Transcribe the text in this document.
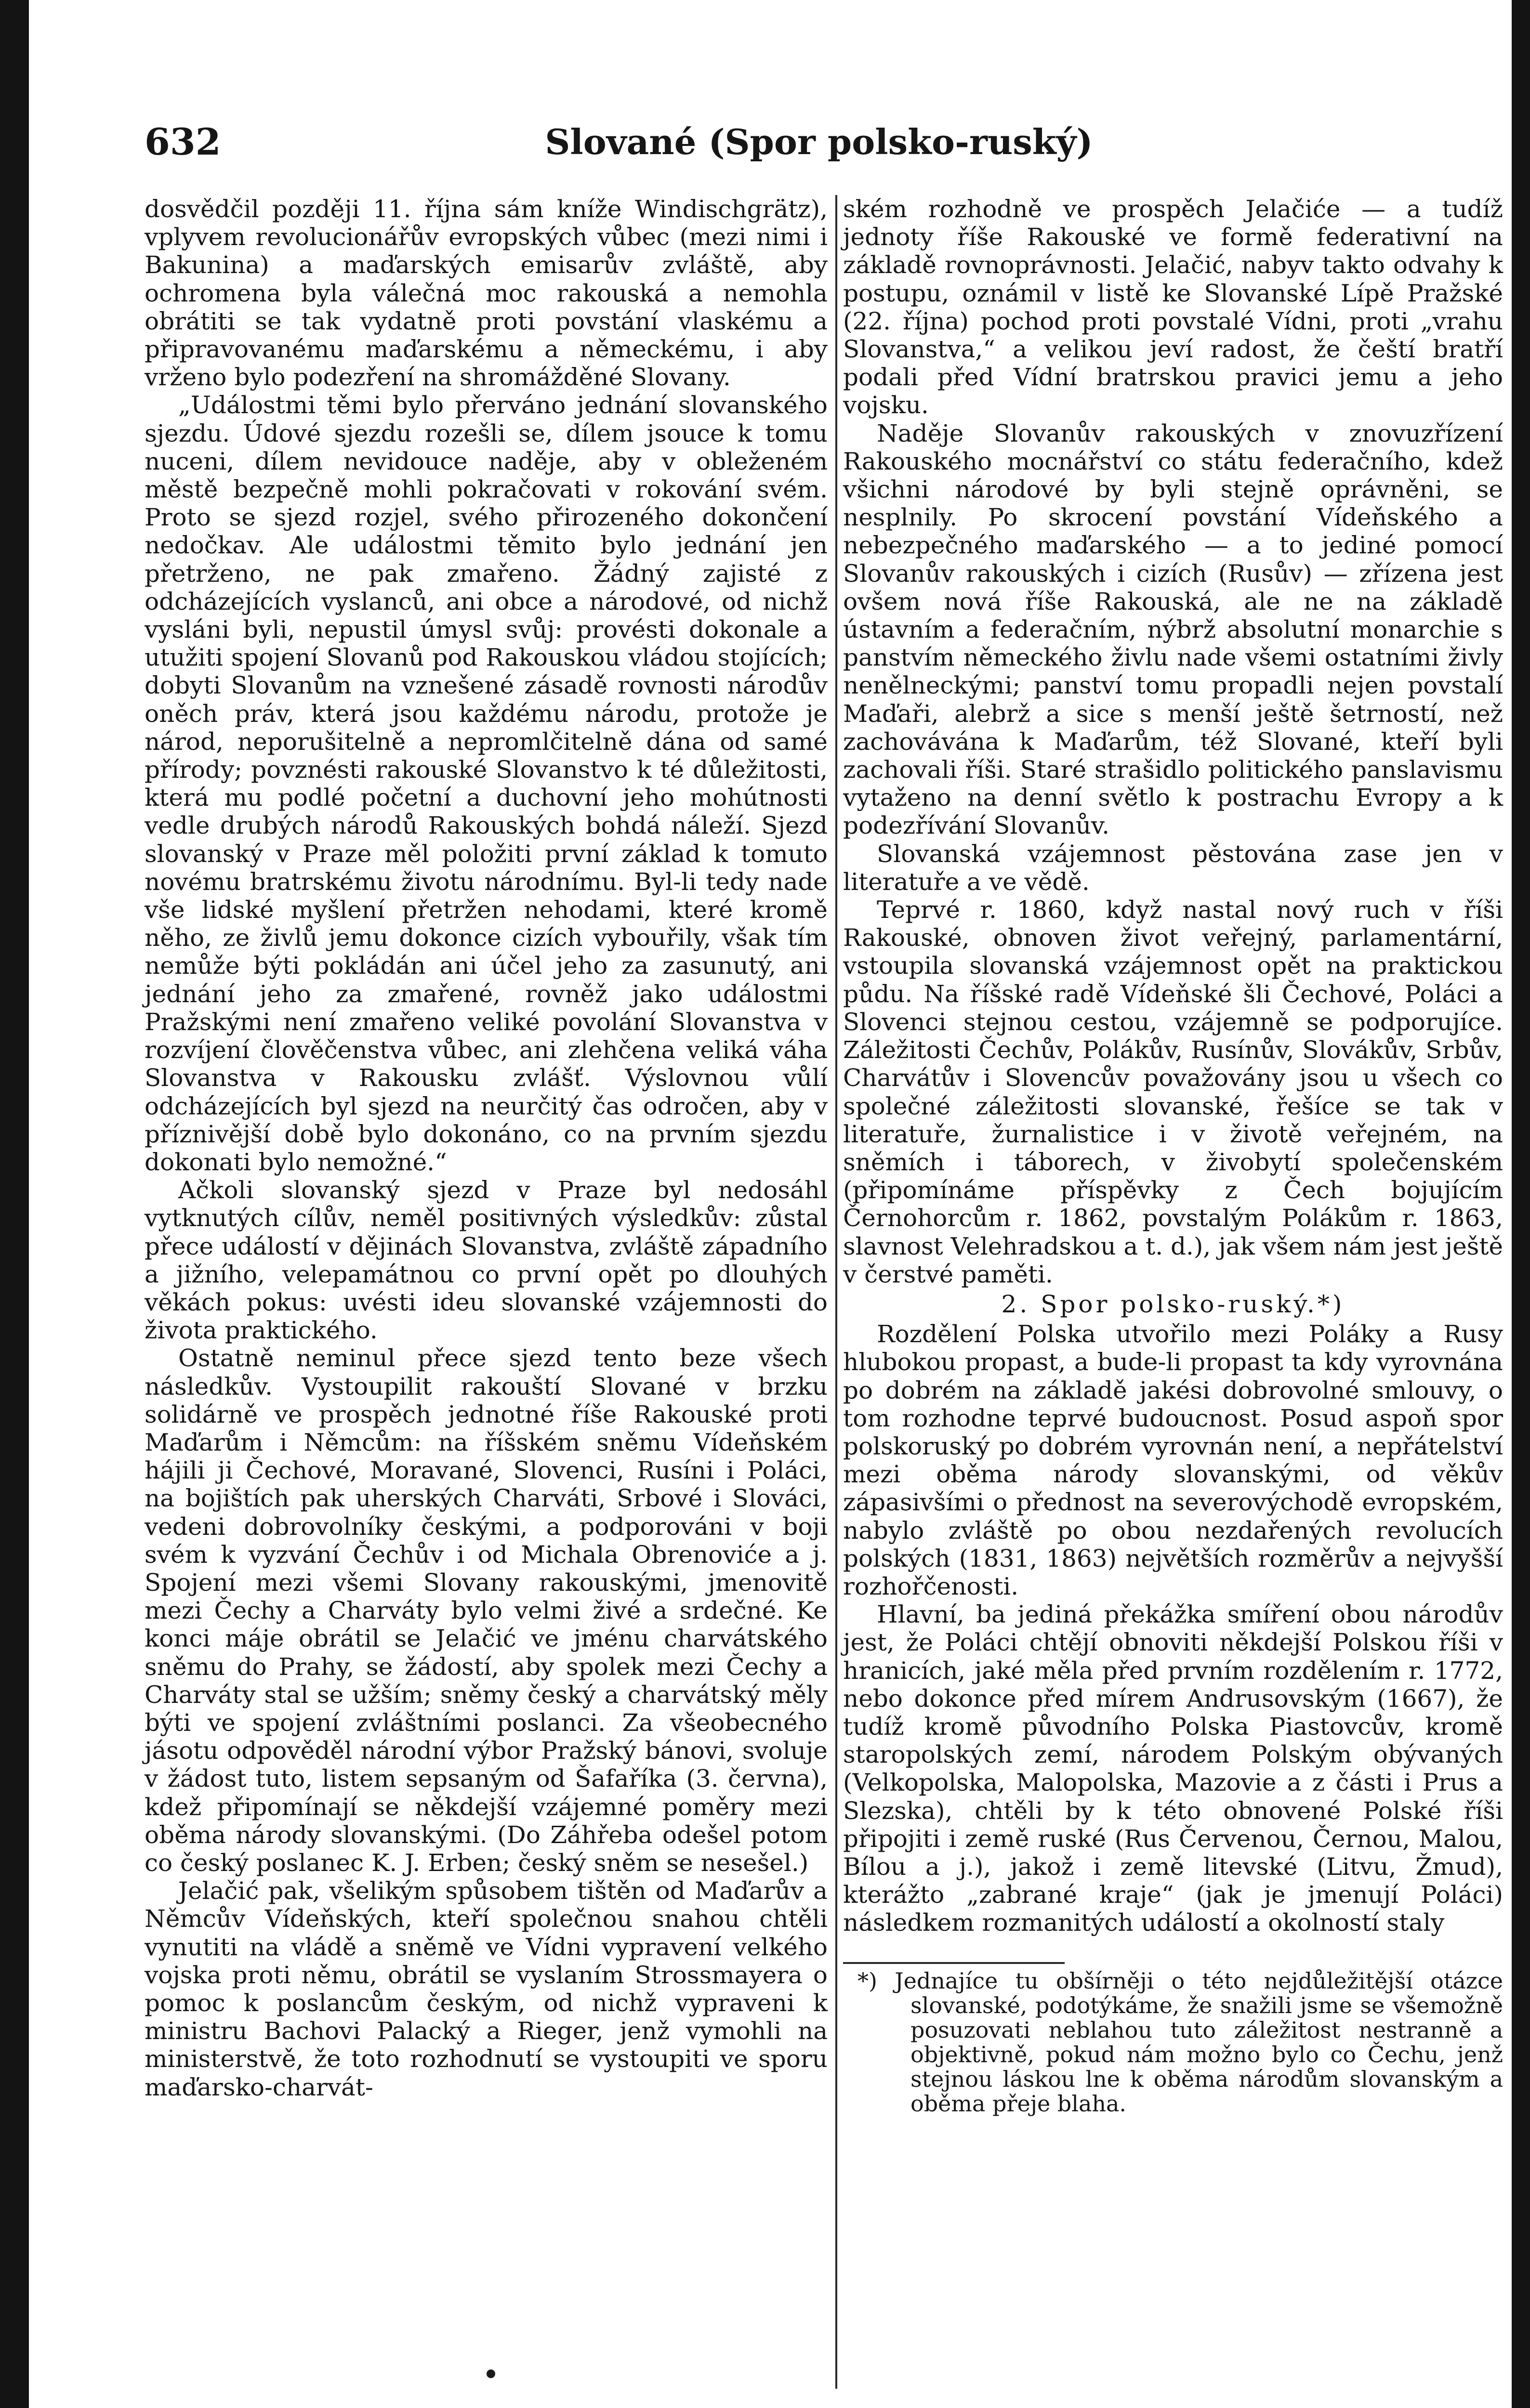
632	Slované (Spor polsko-ruský)

dosvědčil později 11. října sám kníže Windischgrätz), vplyvem revolucionářův evropských vůbec (mezi nimi i Bakunina) a maďarských emisarův zvláště, aby ochromena byla válečná moc rakouská a nemohla obrátiti se tak vydatně proti povstání vlaskému a připravovanému maďarskému a německému, i aby vrženo bylo podezření na shromážděné Slovany.

„Událostmi těmi bylo přerváno jednání slovanského sjezdu. Údové sjezdu rozešli se, dílem jsouce k tomu nuceni, dílem nevidouce naděje, aby v obleženém městě bezpečně mohli pokračovati v rokování svém. Proto se sjezd rozjel, svého přirozeného dokončení nedočkav. Ale událostmi těmito bylo jednání jen přetrženo, ne pak zmařeno. Žádný zajisté z odcházejících vyslanců, ani obce a národové, od nichž vysláni byli, nepustil úmysl svůj: provésti dokonale a utužiti spojení Slovanů pod Rakouskou vládou stojících; dobyti Slovanům na vznešené zásadě rovnosti národův oněch práv, která jsou každému národu, protože je národ, neporušitelně a nepromlčitelně dána od samé přírody; povznésti rakouské Slovanstvo k té důležitosti, která mu podlé početní a duchovní jeho mohútnosti vedle drubých národů Rakouských bohdá náleží. Sjezd slovanský v Praze měl položiti první základ k tomuto novému bratrskému životu národnímu. Byl-li tedy nade vše lidské myšlení přetržen nehodami, které kromě něho, ze živlů jemu dokonce cizích vybouřily, však tím nemůže býti pokládán ani účel jeho za zasunutý, ani jednání jeho za zmařené, rovněž jako událostmi Pražskými není zmařeno veliké povolání Slovanstva v rozvíjení člověčenstva vůbec, ani zlehčena veliká váha Slovanstva v Rakousku zvlášť. Výslovnou vůlí odcházejících byl sjezd na neurčitý čas odročen, aby v příznivější době bylo dokonáno, co na prvním sjezdu dokonati bylo nemožné.“

Ačkoli slovanský sjezd v Praze byl nedosáhl vytknutých cílův, neměl positivných výsledkův: zůstal přece událostí v dějinách Slovanstva, zvláště západního a jižního, velepamátnou co první opět po dlouhých věkách pokus: uvésti ideu slovanské vzájemnosti do života praktického.

Ostatně neminul přece sjezd tento beze všech následkův. Vystoupilit rakouští Slované v brzku solidárně ve prospěch jednotné říše Rakouské proti Maďarům i Němcům: na říšském sněmu Vídeňském hájili ji Čechové, Moravané, Slovenci, Rusíni i Poláci, na bojištích pak uherských Charváti, Srbové i Slováci, vedeni dobrovolníky českými, a podporováni v boji svém k vyzvání Čechův i od Michala Obrenoviće a j. Spojení mezi všemi Slovany rakouskými, jmenovitě mezi Čechy a Charváty bylo velmi živé a srdečné. Ke konci máje obrátil se Jelačić ve jménu charvátského sněmu do Prahy, se žádostí, aby spolek mezi Čechy a Charváty stal se užším; sněmy český a charvátský měly býti ve spojení zvláštními poslanci. Za všeobecného jásotu odpověděl národní výbor Pražský bánovi, svoluje v žádost tuto, listem sepsaným od Šafaříka (3. června), kdež připomínají se někdejší vzájemné poměry mezi oběma národy slovanskými. (Do Záhřeba odešel potom co český poslanec K. J. Erben; český sněm se nesešel.)

Jelačić pak, všelikým spůsobem tištěn od Maďarův a Němcův Vídeňských, kteří společnou snahou chtěli vynutiti na vládě a sněmě ve Vídni vypravení velkého vojska proti němu, obrátil se vyslaním Strossmayera o pomoc k poslancům českým, od nichž vypraveni k ministru Bachovi Palacký a Rieger, jenž vymohli na ministerstvě, že toto rozhodnutí se vystoupiti ve sporu maďarsko-charvát-

ském rozhodně ve prospěch Jelačiće — a tudíž jednoty říše Rakouské ve formě federativní na základě rovnoprávnosti. Jelačić, nabyv takto odvahy k postupu, oznámil v listě ke Slovanské Lípě Pražské (22. října) pochod proti povstalé Vídni, proti „vrahu Slovanstva,“ a velikou jeví radost, že čeští bratří podali před Vídní bratrskou pravici jemu a jeho vojsku.

Naděje Slovanův rakouských v znovuzřízení Rakouského mocnářství co státu federačního, kdež všichni národové by byli stejně oprávněni, se nesplnily. Po skrocení povstání Vídeňského a nebezpečného maďarského — a to jediné pomocí Slovanův rakouských i cizích (Rusův) — zřízena jest ovšem nová říše Rakouská, ale ne na základě ústavním a federačním, nýbrž absolutní monarchie s panstvím německého živlu nade všemi ostatními živly nenělneckými; panství tomu propadli nejen povstalí Maďaři, alebrž a sice s menší ještě šetrností, než zachovávána k Maďarům, též Slované, kteří byli zachovali říši. Staré strašidlo politického panslavismu vytaženo na denní světlo k postrachu Evropy a k podezřívání Slovanův.

Slovanská vzájemnost pěstována zase jen v literatuře a ve vědě.

Teprvé r. 1860, když nastal nový ruch v říši Rakouské, obnoven život veřejný, parlamentární, vstoupila slovanská vzájemnost opět na praktickou půdu. Na říšské radě Vídeňské šli Čechové, Poláci a Slovenci stejnou cestou, vzájemně se podporujíce. Záležitosti Čechův, Polákův, Rusínův, Slovákův, Srbův, Charvátův i Slovencův považovány jsou u všech co společné záležitosti slovanské, řešíce se tak v literatuře, žurnalistice i v životě veřejném, na sněmích i táborech, v živobytí společenském (připomínáme příspěvky z Čech bojujícím Černohorcům r. 1862, povstalým Polákům r. 1863, slavnost Velehradskou a t. d.), jak všem nám jest ještě v čerstvé paměti.

2. Spor polsko-ruský.*)

Rozdělení Polska utvořilo mezi Poláky a Rusy hlubokou propast, a bude-li propast ta kdy vyrovnána po dobrém na základě jakési dobrovolné smlouvy, o tom rozhodne teprvé budoucnost. Posud aspoň spor polskoruský po dobrém vyrovnán není, a nepřátelství mezi oběma národy slovanskými, od věkův zápasivšími o přednost na severovýchodě evropském, nabylo zvláště po obou nezdařených revolucích polských (1831, 1863) největších rozměrův a nejvyšší rozhořčenosti.

Hlavní, ba jediná překážka smíření obou národův jest, že Poláci chtějí obnoviti někdejší Polskou říši v hranicích, jaké měla před prvním rozdělením r. 1772, nebo dokonce před mírem Andrusovským (1667), že tudíž kromě původního Polska Piastovcův, kromě staropolských zemí, národem Polským obývaných (Velkopolska, Malopolska, Mazovie a z části i Prus a Slezska), chtěli by k této obnovené Polské říši připojiti i země ruské (Rus Červenou, Černou, Malou, Bílou a j.), jakož i země litevské (Litvu, Žmud), kterážto „zabrané kraje“ (jak je jmenují Poláci) následkem rozmanitých událostí a okolností staly

*) Jednajíce tu obšírněji o této nejdůležitější otázce slovanské, podotýkáme, že snažili jsme se všemožně posuzovati neblahou tuto záležitost nestranně a objektivně, pokud nám možno bylo co Čechu, jenž stejnou láskou lne k oběma národům slovanským a oběma přeje blaha.
